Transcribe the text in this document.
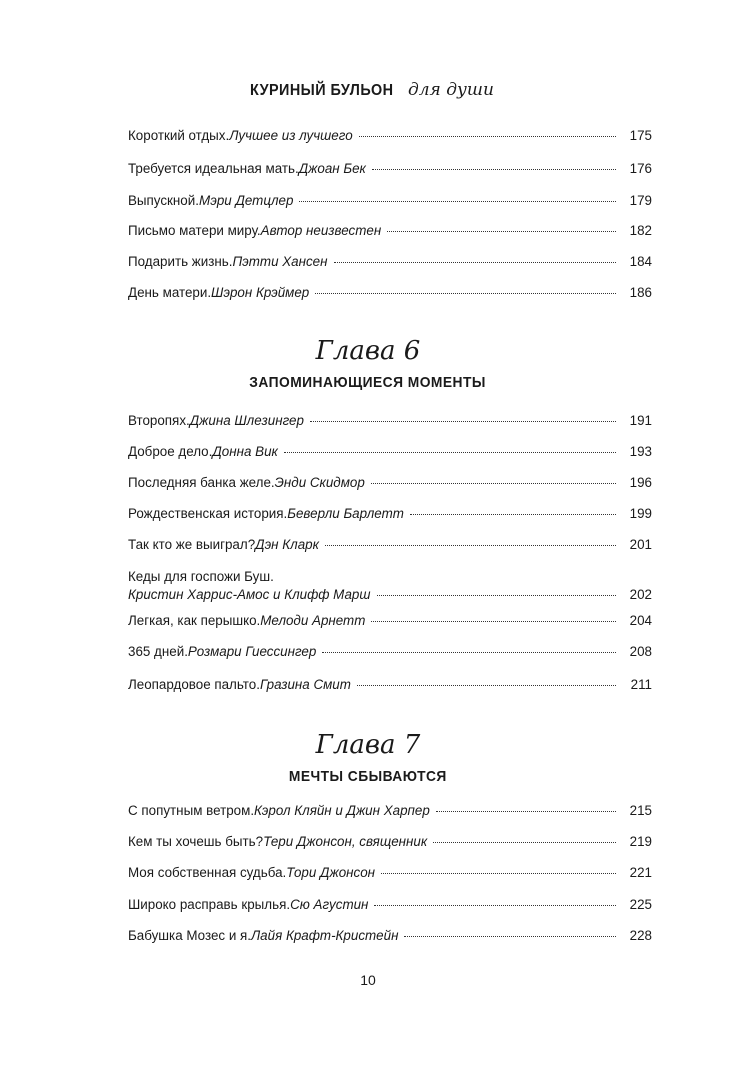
КУРИНЫЙ БУЛЬОН для души
Короткий отдых. Лучшее из лучшего	175
Требуется идеальная мать. Джоан Бек	176
Выпускной. Мэри Детцлер	179
Письмо матери миру. Автор неизвестен	182
Подарить жизнь. Пэтти Хансен	184
День матери. Шэрон Крэймер	186
Глава 6
ЗАПОМИНАЮЩИЕСЯ МОМЕНТЫ
Второпях. Джина Шлезингер	191
Доброе дело. Донна Вик	193
Последняя банка желе. Энди Скидмор	196
Рождественская история. Беверли Барлетт	199
Так кто же выиграл? Дэн Кларк	201
Кеды для госпожи Буш.
Кристин Харрис-Амос и Клифф Марш	202
Легкая, как перышко. Мелоди Арнетт	204
365 дней. Розмари Гиессингер	208
Леопардовое пальто. Гразина Смит	211
Глава 7
МЕЧТЫ СБЫВАЮТСЯ
С попутным ветром. Кэрол Кляйн и Джин Харпер	215
Кем ты хочешь быть? Тери Джонсон, священник	219
Моя собственная судьба. Тори Джонсон	221
Широко расправь крылья. Сю Агустин	225
Бабушка Мозес и я. Лайя Крафт-Кристейн	228
10
